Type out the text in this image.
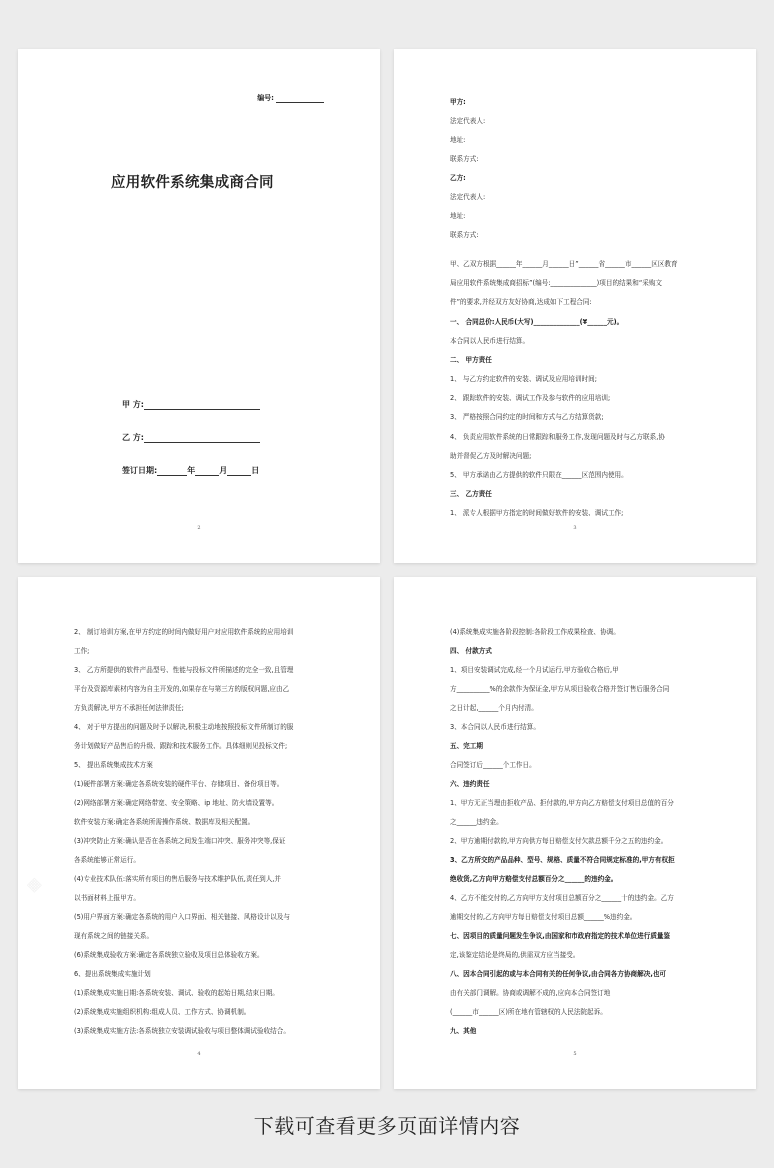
编号:
应用软件系统集成商合同
甲 方:
乙 方:
签订日期:	年	月	日
2
甲方:
法定代表人:
地址:
联系方式:
乙方:
法定代表人:
地址:
联系方式:
甲、乙双方根据______年______月______日”______省______市______区区教育
局应用软件系统集成商招标”(编号:______________)项目的结果和“采购文
件”的要求,并经双方友好协商,达成如下工程合同:
一、 合同总价:人民币(大写)______________(¥______元)。
本合同以人民币进行结算。
二、 甲方责任
1、 与乙方约定软件的安装、调试及应用培训时间;
2、 跟踪软件的安装、调试工作及参与软件的应用培训;
3、 严格按照合同约定的时间和方式与乙方结算货款;
4、 负责应用软件系统的日常跟踪和服务工作,发现问题及时与乙方联系,协
助并督促乙方及时解决问题;
5、 甲方承诺由乙方提供的软件只限在______区范围内使用。
三、 乙方责任
1、 派专人根据甲方指定的时间做好软件的安装、调试工作;
3
▦
2、 制订培训方案,在甲方约定的时间内做好用户对应用软件系统的应用培训
工作;
3、 乙方所提供的软件产品型号、性能与投标文件所描述的完全一致,且管理
平台及资源库素材内容为自主开发的,如果存在与第三方的版权问题,应由乙
方负责解决,甲方不承担任何法律责任;
4、 对于甲方提出的问题及时予以解决,积极主动地按照投标文件所制订的服
务计划做好产品售后的升级、跟踪和技术服务工作。具体细则见投标文件;
5、 提出系统集成技术方案
(1)硬件部署方案:确定各系统安装的硬件平台、存储项目、备份项目等。
(2)网络部署方案:确定网络带宽、安全策略、ip 地址、防火墙设置等。
软件安装方案:确定各系统所需操作系统、数据库及相关配置。
(3)冲突防止方案:确认是否在各系统之间发生端口冲突、服务冲突等,保证
各系统能够正常运行。
(4)专业技术队伍:落实所有项目的售后服务与技术维护队伍,责任到人,并
以书面材料上报甲方。
(5)用户界面方案:确定各系统的用户入口界面、相关链接、风格设计以及与
现有系统之间的链接关系。
(6)系统集成验收方案:确定各系统独立验收及项目总体验收方案。
6、提出系统集成实施计划
(1)系统集成实施日期:各系统安装、调试、验收的起始日期,结束日期。
(2)系统集成实施组织机构:组成人员、工作方式、协调机制。
(3)系统集成实施方法:各系统独立安装调试验收与项目整体调试验收结合。
4
(4)系统集成实施各阶段控制:各阶段工作成果检查、协调。
四、 付款方式
1、项目安装调试完成,经一个月试运行,甲方验收合格后,甲
方__________%的余款作为保证金,甲方从项目验收合格并签订售后服务合同
之日计起,______个月内付清。
3、本合同以人民币进行结算。
五、完工期
合同签订后______个工作日。
六、违约责任
1、甲方无正当理由拒收产品、拒付款的,甲方向乙方赔偿支付项目总值的百分
之______违约金。
2、甲方逾期付款的,甲方向供方每日赔偿支付欠款总额千分之五的违约金。
3、乙方所交的产品品种、型号、规格、质量不符合同规定标准的,甲方有权拒
绝收货,乙方向甲方赔偿支付总额百分之______的违约金。
4、乙方不能交付的,乙方向甲方支付项目总额百分之______十的违约金。乙方
逾期交付的,乙方向甲方每日赔偿支付项目总额______%违约金。
七、因项目的质量问题发生争议,由国家和市政府指定的技术单位进行质量鉴
定,该鉴定结论是终局的,供需双方应当接受。
八、因本合同引起的或与本合同有关的任何争议,由合同各方协商解决,也可
由有关部门调解。协商或调解不成的,应向本合同签订地
(______市______区)所在地有管辖权的人民法院起诉。
九、其他
5
下载可查看更多页面详情内容
